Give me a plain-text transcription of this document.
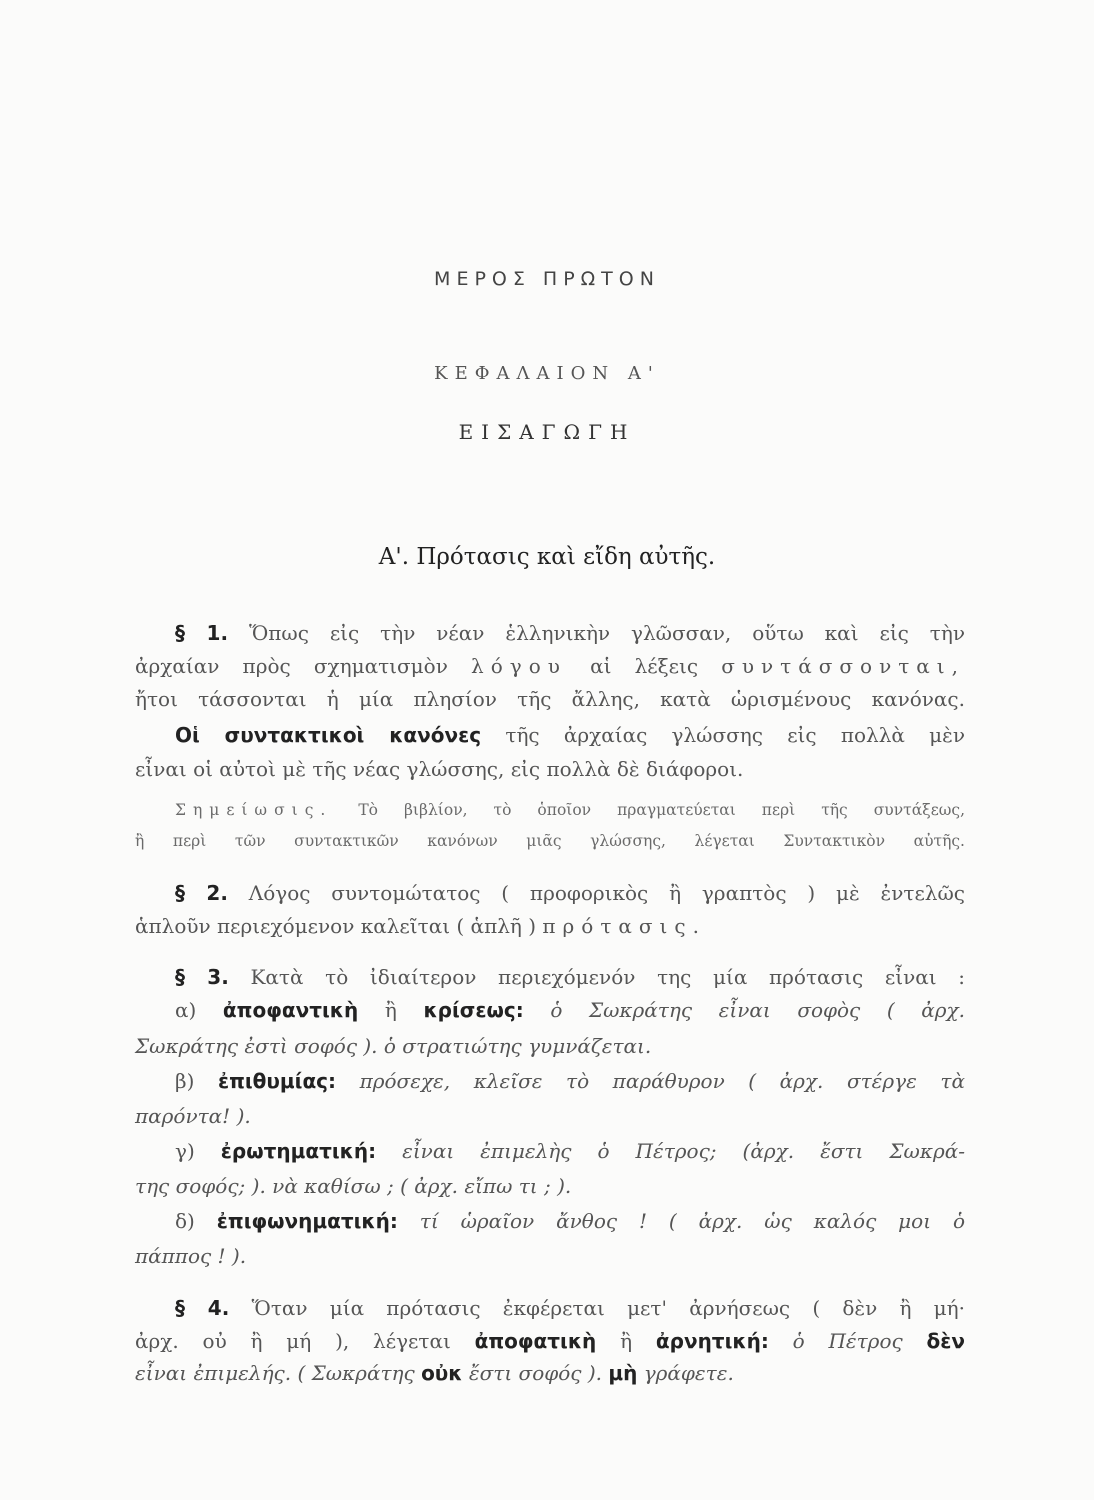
ΜΕΡΟΣ ΠΡΩΤΟΝ
ΚΕΦΑΛΑΙΟΝ Α'
ΕΙΣΑΓΩΓΗ
Α'. Πρότασις καὶ εἴδη αὐτῆς.
§ 1. Ὅπως εἰς τὴν νέαν ἑλληνικὴν γλῶσσαν, οὕτω καὶ εἰς τὴν
ἀρχαίαν πρὸς σχηματισμὸν λόγου αἱ λέξεις συντάσσονται,
ἤτοι τάσσονται ἡ μία πλησίον τῆς ἄλλης, κατὰ ὡρισμένους κανόνας.
Οἱ συντακτικοὶ κανόνες τῆς ἀρχαίας γλώσσης εἰς πολλὰ μὲν
εἶναι οἱ αὐτοὶ μὲ τῆς νέας γλώσσης, εἰς πολλὰ δὲ διάφοροι.
Σημείωσις. Τὸ βιβλίον, τὸ ὁποῖον πραγματεύεται περὶ τῆς συντάξεως,
ἢ περὶ τῶν συντακτικῶν κανόνων μιᾶς γλώσσης, λέγεται Συντακτικὸν αὐτῆς.
§ 2. Λόγος συντομώτατος ( προφορικὸς ἢ γραπτὸς ) μὲ ἐντελῶς
ἁπλοῦν περιεχόμενον καλεῖται ( ἁπλῆ ) πρότασις.
§ 3. Κατὰ τὸ ἰδιαίτερον περιεχόμενόν της μία πρότασις εἶναι :
α) ἀποφαντικὴ ἢ κρίσεως: ὁ Σωκράτης εἶναι σοφὸς ( ἀρχ.
Σωκράτης ἐστὶ σοφός ). ὁ στρατιώτης γυμνάζεται.
β) ἐπιθυμίας: πρόσεχε, κλεῖσε τὸ παράθυρον ( ἀρχ. στέργε τὰ
παρόντα! ).
γ) ἐρωτηματική: εἶναι ἐπιμελὴς ὁ Πέτρος; (ἀρχ. ἔστι Σωκρά-
της σοφός; ). νὰ καθίσω ; ( ἀρχ. εἴπω τι ; ).
δ) ἐπιφωνηματική: τί ὡραῖον ἄνθος ! ( ἀρχ. ὡς καλός μοι ὁ
πάππος ! ).
§ 4. Ὅταν μία πρότασις ἐκφέρεται μετ' ἀρνήσεως ( δὲν ἢ μή·
ἀρχ. οὐ ἢ μή ), λέγεται ἀποφατικὴ ἢ ἀρνητική: ὁ Πέτρος δὲν
εἶναι ἐπιμελής. ( Σωκράτης οὐκ ἔστι σοφός ). μὴ γράφετε.
